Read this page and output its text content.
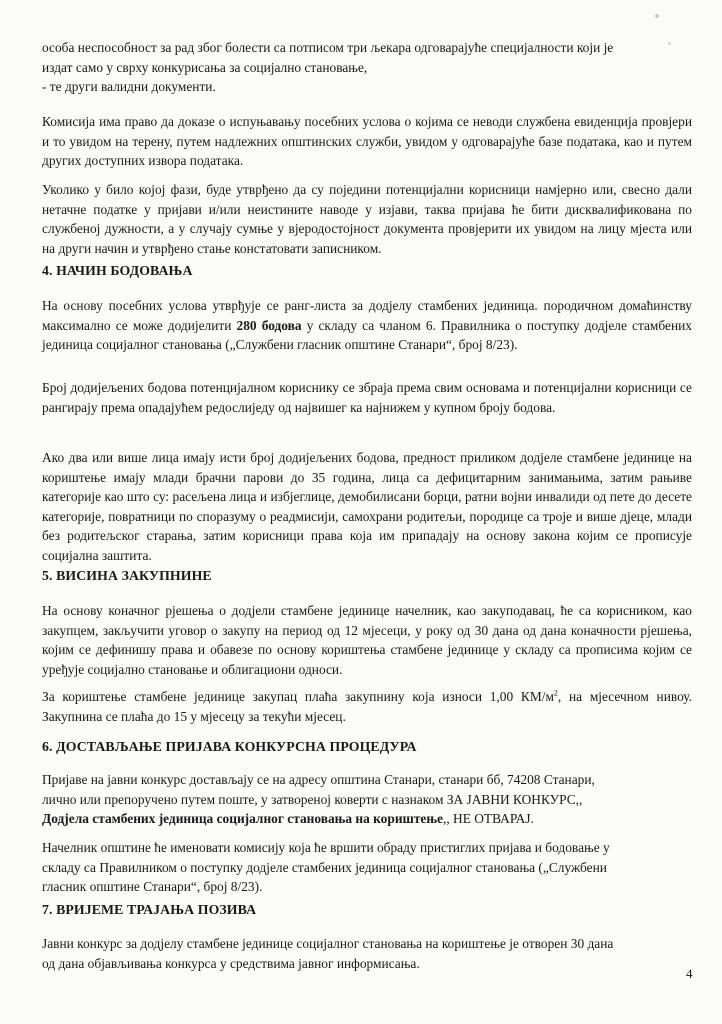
особа неспособност за рад због болести са потписом три љекара одговарајуће специјалности који је
издат само у сврху конкурисања за социјално становање,
- те други валидни документи.
Комисија има право да доказе о испуњавању посебних услова о којима се неводи службена евиденција провјери и то увидом на терену, путем надлежних општинских служби, увидом у одговарајуће базе података, као и путем других доступних извора података.
Уколико у било којој фази, буде утврђено да су поједини потенцијални корисници намјерно или, свесно дали нетачне податке у пријави и/или неистините наводе у изјави, таква пријава ће бити дисквалификована по службеној дужности, а у случају сумње у вјеродостојност документа провјерити их увидом на лицу мјеста или на други начин и утврђено стање констатовати записником.
4. НАЧИН БОДОВАЊА
На основу посебних услова утврђује се ранг-листа за додјелу стамбених јединица. породичном домаћинству максимално се може додијелити 280 бодова у складу са чланом 6. Правилника о поступку додјеле стамбених јединица социјалног становања („Службени гласник општине Станари“, број 8/23).
Број додијељених бодова потенцијалном кориснику се збраја према свим основама и потенцијални корисници се рангирају према опадајућем редослиједу од највишег ка најнижем у купном броју бодова.
Ако два или више лица имају исти број додијељених бодова, предност приликом додјеле стамбене јединице на кориштење имају млади брачни парови до 35 година, лица са дефицитарним занимањима, затим рањиве категорије као што су: расељена лица и избјеглице, демобилисани борци, ратни војни инвалиди од пете до десете категорије, повратници по споразуму о реадмисији, самохрани родитељи, породице са троје и више дјеце, млади без родитељског старања, затим корисници права која им припадају на основу закона којим се прописује социјална заштита.
5. ВИСИНА ЗАКУПНИНЕ
На основу коначног рјешења о додјели стамбене јединице начелник, као закуподавац, ће са корисником, као закупцем, закључити уговор о закупу на период од 12 мјесеци, у року од 30 дана од дана коначности рјешења, којим се дефинишу права и обавезе по основу кориштења стамбене јединице у складу са прописима којим се уређује социјално становање и облигациони односи.
За кориштење стамбене јединице закупац плаћа закупнину која износи 1,00 $КМ/м^2$, на мјесечном нивоу. Закупнина се плаћа до 15 у мјесецу за текући мјесец.
6. ДОСТАВЉАЊЕ ПРИЈАВА КОНКУРСНА ПРОЦЕДУРА
Пријаве на јавни конкурс достављају се на адресу општина Станари, станари бб, 74208 Станари,
лично или препоручено путем поште, у затвореној коверти с назнаком ЗА ЈАВНИ КОНКУРС,,
Додјела стамбених јединица социјалног становања на кориштење,, НЕ ОТВАРАЈ.
Начелник општине ће именовати комисију која ће вршити обраду пристиглих пријава и бодовање у
складу са Правилником о поступку додјеле стамбених јединица социјалног становања („Службени
гласник општине Станари“, број 8/23).
7. ВРИЈЕМЕ ТРАЈАЊА ПОЗИВА
Јавни конкурс за додјелу стамбене јединице социјалног становања на кориштење је отворен 30 дана
од дана објављивања конкурса у средствима јавног информисања.
4
